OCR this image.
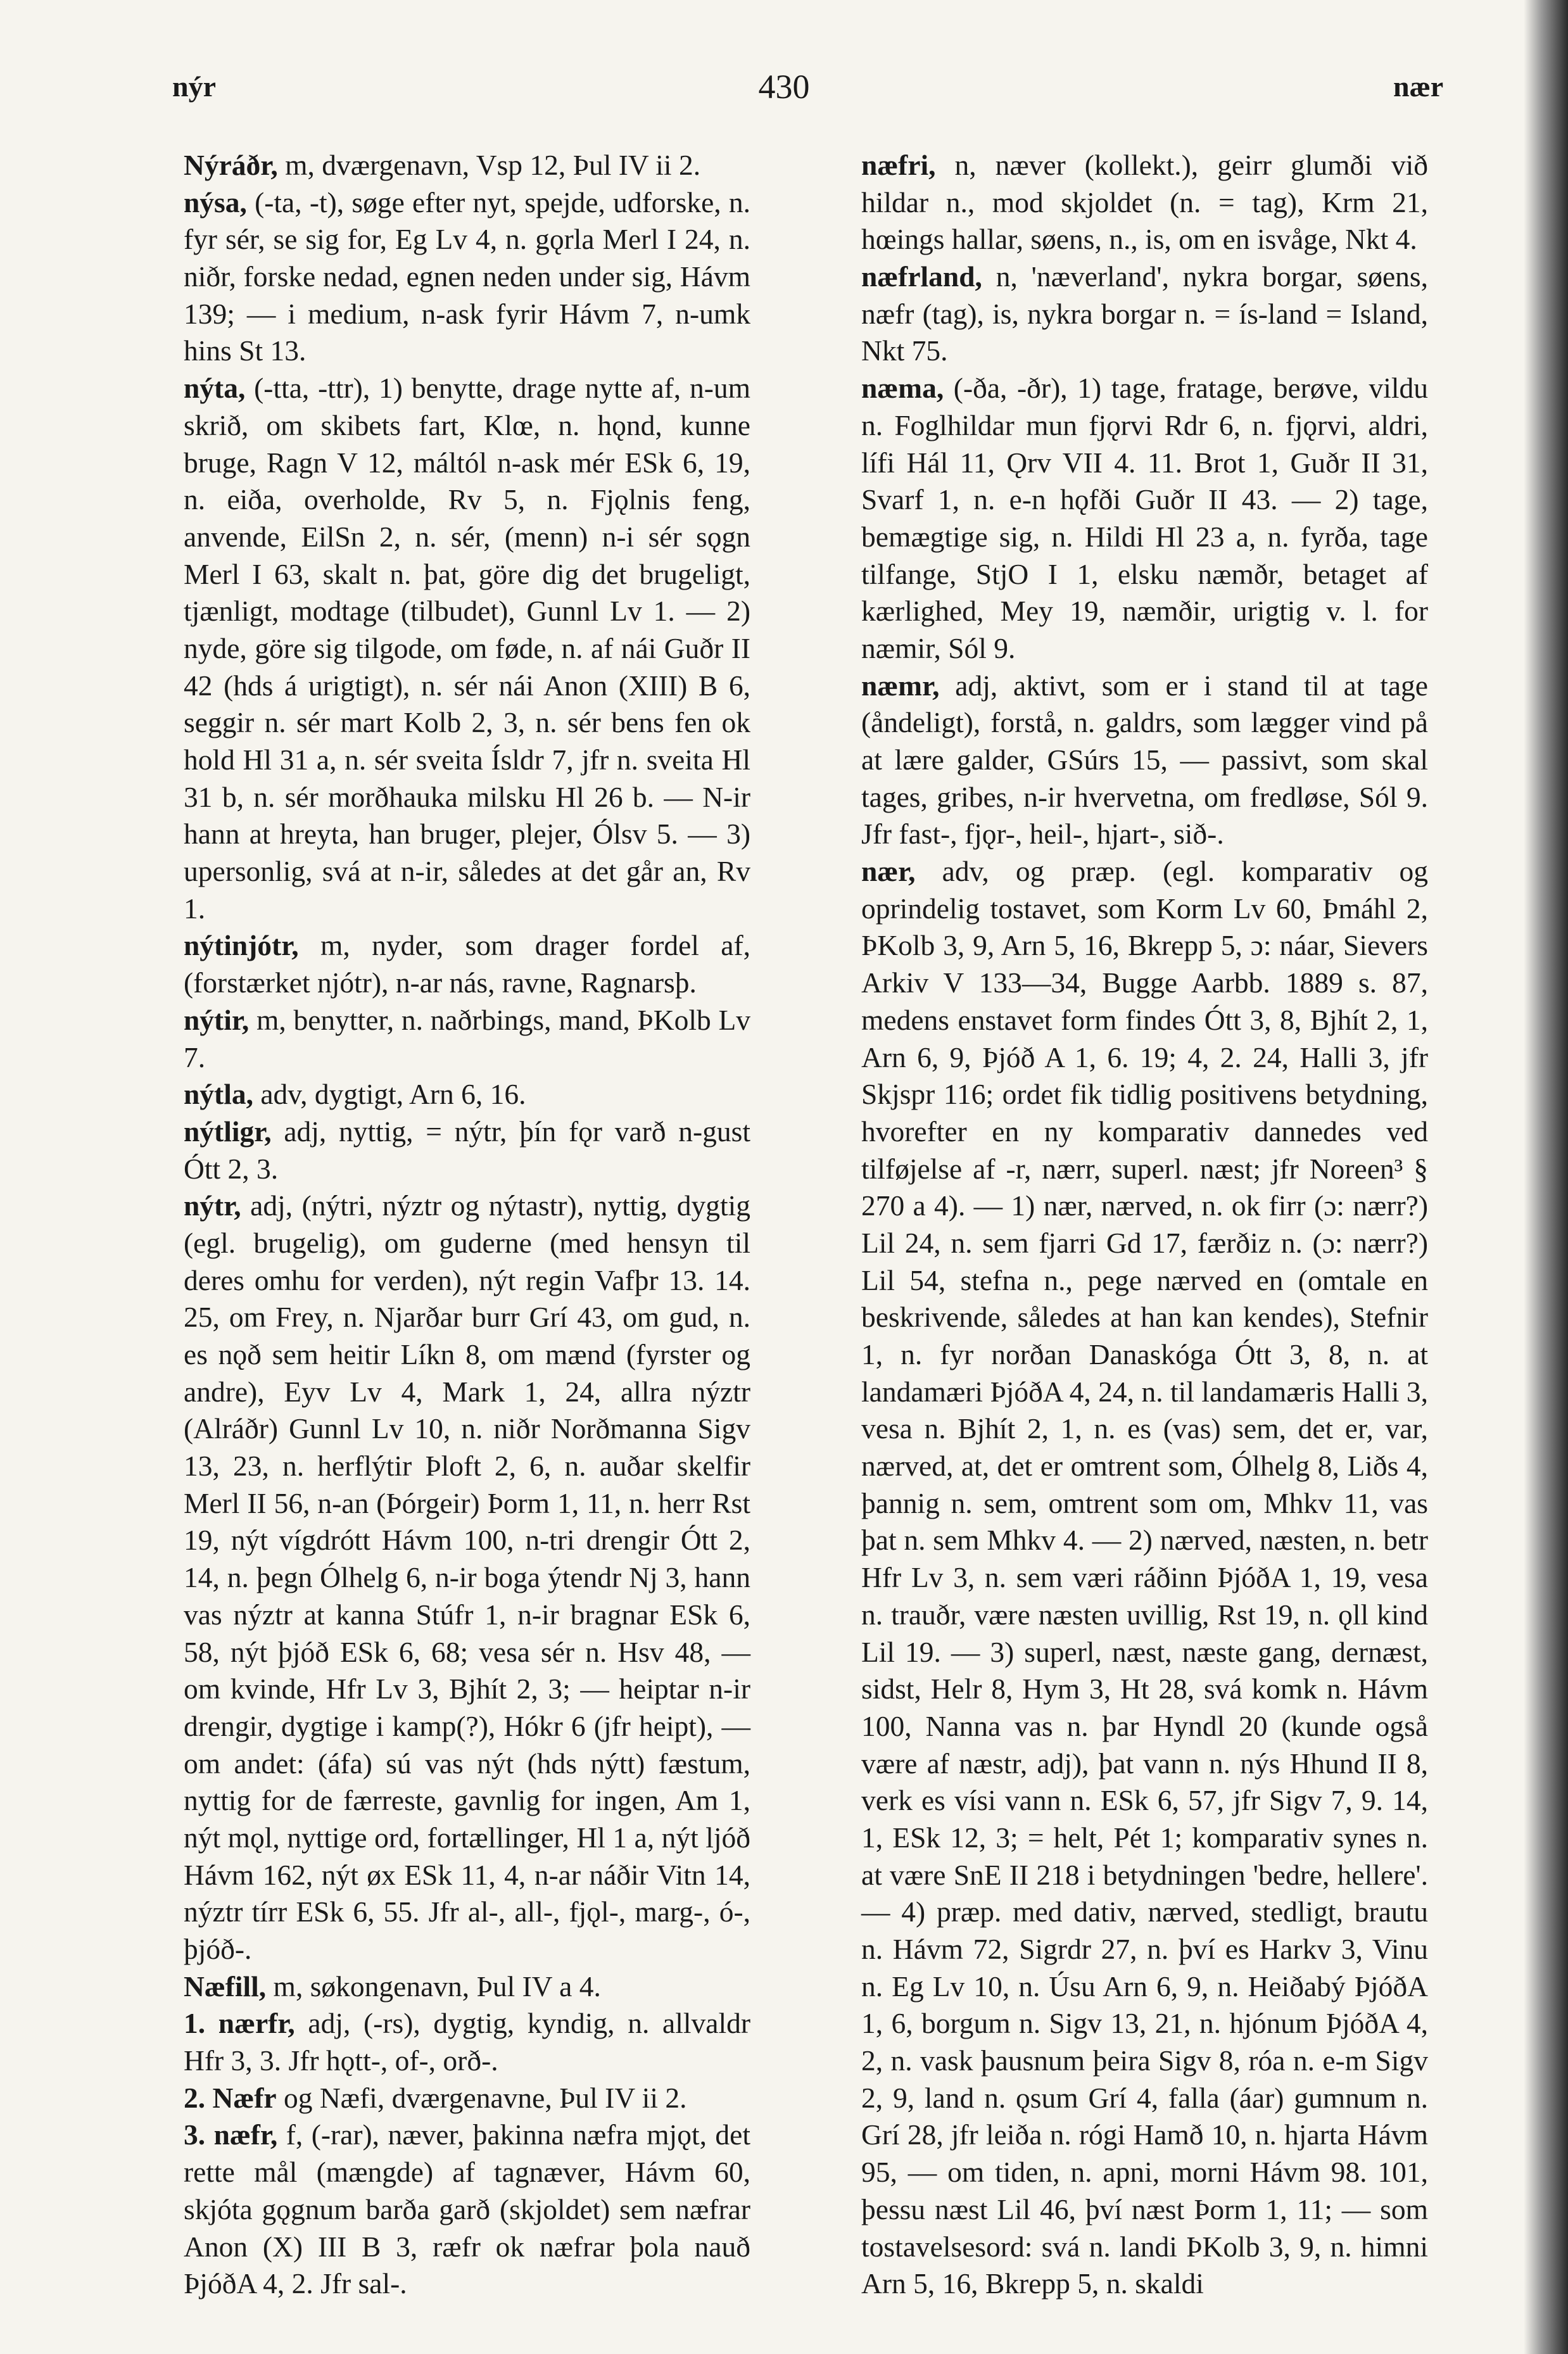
nýr	430	nær

Nýráðr, m, dværgenavn, Vsp 12, Þul IV ii 2.

nýsa, (-ta, -t), søge efter nyt, spejde, udforske, n. fyr sér, se sig for, Eg Lv 4, n. gǫrla Merl I 24, n. niðr, forske nedad, egnen neden under sig, Hávm 139; — i medium, n-ask fyrir Hávm 7, n-umk hins St 13.

nýta, (-tta, -ttr), 1) benytte, drage nytte af, n-um skrið, om skibets fart, Klœ, n. hǫnd, kunne bruge, Ragn V 12, máltól n-ask mér ESk 6, 19, n. eiða, overholde, Rv 5, n. Fjǫlnis feng, anvende, EilSn 2, n. sér, (menn) n-i sér sǫgn Merl I 63, skalt n. þat, göre dig det brugeligt, tjænligt, modtage (tilbudet), Gunnl Lv 1. — 2) nyde, göre sig tilgode, om føde, n. af nái Guðr II 42 (hds á urigtigt), n. sér nái Anon (XIII) B 6, seggir n. sér mart Kolb 2, 3, n. sér bens fen ok hold Hl 31 a, n. sér sveita Ísldr 7, jfr n. sveita Hl 31 b, n. sér morðhauka milsku Hl 26 b. — N-ir hann at hreyta, han bruger, plejer, Ólsv 5. — 3) upersonlig, svá at n-ir, således at det går an, Rv 1.

nýtinjótr, m, nyder, som drager fordel af, (forstærket njótr), n-ar nás, ravne, Ragnarsþ.

nýtir, m, benytter, n. naðrbings, mand, ÞKolb Lv 7.

nýtla, adv, dygtigt, Arn 6, 16.

nýtligr, adj, nyttig, = nýtr, þín fǫr varð n-gust Ótt 2, 3.

nýtr, adj, (nýtri, nýztr og nýtastr), nyttig, dygtig (egl. brugelig), om guderne (med hensyn til deres omhu for verden), nýt regin Vafþr 13. 14. 25, om Frey, n. Njarðar burr Grí 43, om gud, n. es nǫð sem heitir Líkn 8, om mænd (fyrster og andre), Eyv Lv 4, Mark 1, 24, allra nýztr (Alráðr) Gunnl Lv 10, n. niðr Norðmanna Sigv 13, 23, n. herflýtir Þloft 2, 6, n. auðar skelfir Merl II 56, n-an (Þórgeir) Þorm 1, 11, n. herr Rst 19, nýt vígdrótt Hávm 100, n-tri drengir Ótt 2, 14, n. þegn Ólhelg 6, n-ir boga ýtendr Nj 3, hann vas nýztr at kanna Stúfr 1, n-ir bragnar ESk 6, 58, nýt þjóð ESk 6, 68; vesa sér n. Hsv 48, — om kvinde, Hfr Lv 3, Bjhít 2, 3; — heiptar n-ir drengir, dygtige i kamp(?), Hókr 6 (jfr heipt), — om andet: (áfa) sú vas nýt (hds nýtt) fæstum, nyttig for de færreste, gavnlig for ingen, Am 1, nýt mǫl, nyttige ord, fortællinger, Hl 1 a, nýt ljóð Hávm 162, nýt øx ESk 11, 4, n-ar náðir Vitn 14, nýztr tírr ESk 6, 55. Jfr al-, all-, fjǫl-, marg-, ó-, þjóð-.

Næfill, m, søkongenavn, Þul IV a 4.

1. nærfr, adj, (-rs), dygtig, kyndig, n. allvaldr Hfr 3, 3. Jfr hǫtt-, of-, orð-.

2. Næfr og Næfi, dværgenavne, Þul IV ii 2.

3. næfr, f, (-rar), næver, þakinna næfra mjǫt, det rette mål (mængde) af tagnæver, Hávm 60, skjóta gǫgnum barða garð (skjoldet) sem næfrar Anon (X) III B 3, ræfr ok næfrar þola nauð ÞjóðA 4, 2. Jfr sal-.

næfri, n, næver (kollekt.), geirr glumði við hildar n., mod skjoldet (n. = tag), Krm 21, hœings hallar, søens, n., is, om en isvåge, Nkt 4.

næfrland, n, 'næverland', nykra borgar, søens, næfr (tag), is, nykra borgar n. = ís-land = Island, Nkt 75.

næma, (-ða, -ðr), 1) tage, fratage, berøve, vildu n. Foglhildar mun fjǫrvi Rdr 6, n. fjǫrvi, aldri, lífi Hál 11, Ǫrv VII 4. 11. Brot 1, Guðr II 31, Svarf 1, n. e-n hǫfði Guðr II 43. — 2) tage, bemægtige sig, n. Hildi Hl 23 a, n. fyrða, tage tilfange, StjO I 1, elsku næmðr, betaget af kærlighed, Mey 19, næmðir, urigtig v. l. for næmir, Sól 9.

næmr, adj, aktivt, som er i stand til at tage (åndeligt), forstå, n. galdrs, som lægger vind på at lære galder, GSúrs 15, — passivt, som skal tages, gribes, n-ir hvervetna, om fredløse, Sól 9. Jfr fast-, fjǫr-, heil-, hjart-, sið-.

nær, adv, og præp. (egl. komparativ og oprindelig tostavet, som Korm Lv 60, Þmáhl 2, ÞKolb 3, 9, Arn 5, 16, Bkrepp 5, ɔ: náar, Sievers Arkiv V 133—34, Bugge Aarbb. 1889 s. 87, medens enstavet form findes Ótt 3, 8, Bjhít 2, 1, Arn 6, 9, Þjóð A 1, 6. 19; 4, 2. 24, Halli 3, jfr Skjspr 116; ordet fik tidlig positivens betydning, hvorefter en ny komparativ dannedes ved tilføjelse af -r, nærr, superl. næst; jfr Noreen³ § 270 a 4). — 1) nær, nærved, n. ok firr (ɔ: nærr?) Lil 24, n. sem fjarri Gd 17, færðiz n. (ɔ: nærr?) Lil 54, stefna n., pege nærved en (omtale en beskrivende, således at han kan kendes), Stefnir 1, n. fyr norðan Danaskóga Ótt 3, 8, n. at landamæri ÞjóðA 4, 24, n. til landamæris Halli 3, vesa n. Bjhít 2, 1, n. es (vas) sem, det er, var, nærved, at, det er omtrent som, Ólhelg 8, Liðs 4, þannig n. sem, omtrent som om, Mhkv 11, vas þat n. sem Mhkv 4. — 2) nærved, næsten, n. betr Hfr Lv 3, n. sem væri ráðinn ÞjóðA 1, 19, vesa n. trauðr, være næsten uvillig, Rst 19, n. ǫll kind Lil 19. — 3) superl, næst, næste gang, dernæst, sidst, Helr 8, Hym 3, Ht 28, svá komk n. Hávm 100, Nanna vas n. þar Hyndl 20 (kunde også være af næstr, adj), þat vann n. nýs Hhund II 8, verk es vísi vann n. ESk 6, 57, jfr Sigv 7, 9. 14, 1, ESk 12, 3; = helt, Pét 1; komparativ synes n. at være SnE II 218 i betydningen 'bedre, hellere'. — 4) præp. med dativ, nærved, stedligt, brautu n. Hávm 72, Sigrdr 27, n. því es Harkv 3, Vinu n. Eg Lv 10, n. Úsu Arn 6, 9, n. Heiðabý ÞjóðA 1, 6, borgum n. Sigv 13, 21, n. hjónum ÞjóðA 4, 2, n. vask þausnum þeira Sigv 8, róa n. e-m Sigv 2, 9, land n. ǫsum Grí 4, falla (áar) gumnum n. Grí 28, jfr leiða n. rógi Hamð 10, n. hjarta Hávm 95, — om tiden, n. apni, morni Hávm 98. 101, þessu næst Lil 46, því næst Þorm 1, 11; — som tostavelsesord: svá n. landi ÞKolb 3, 9, n. himni Arn 5, 16, Bkrepp 5, n. skaldi
